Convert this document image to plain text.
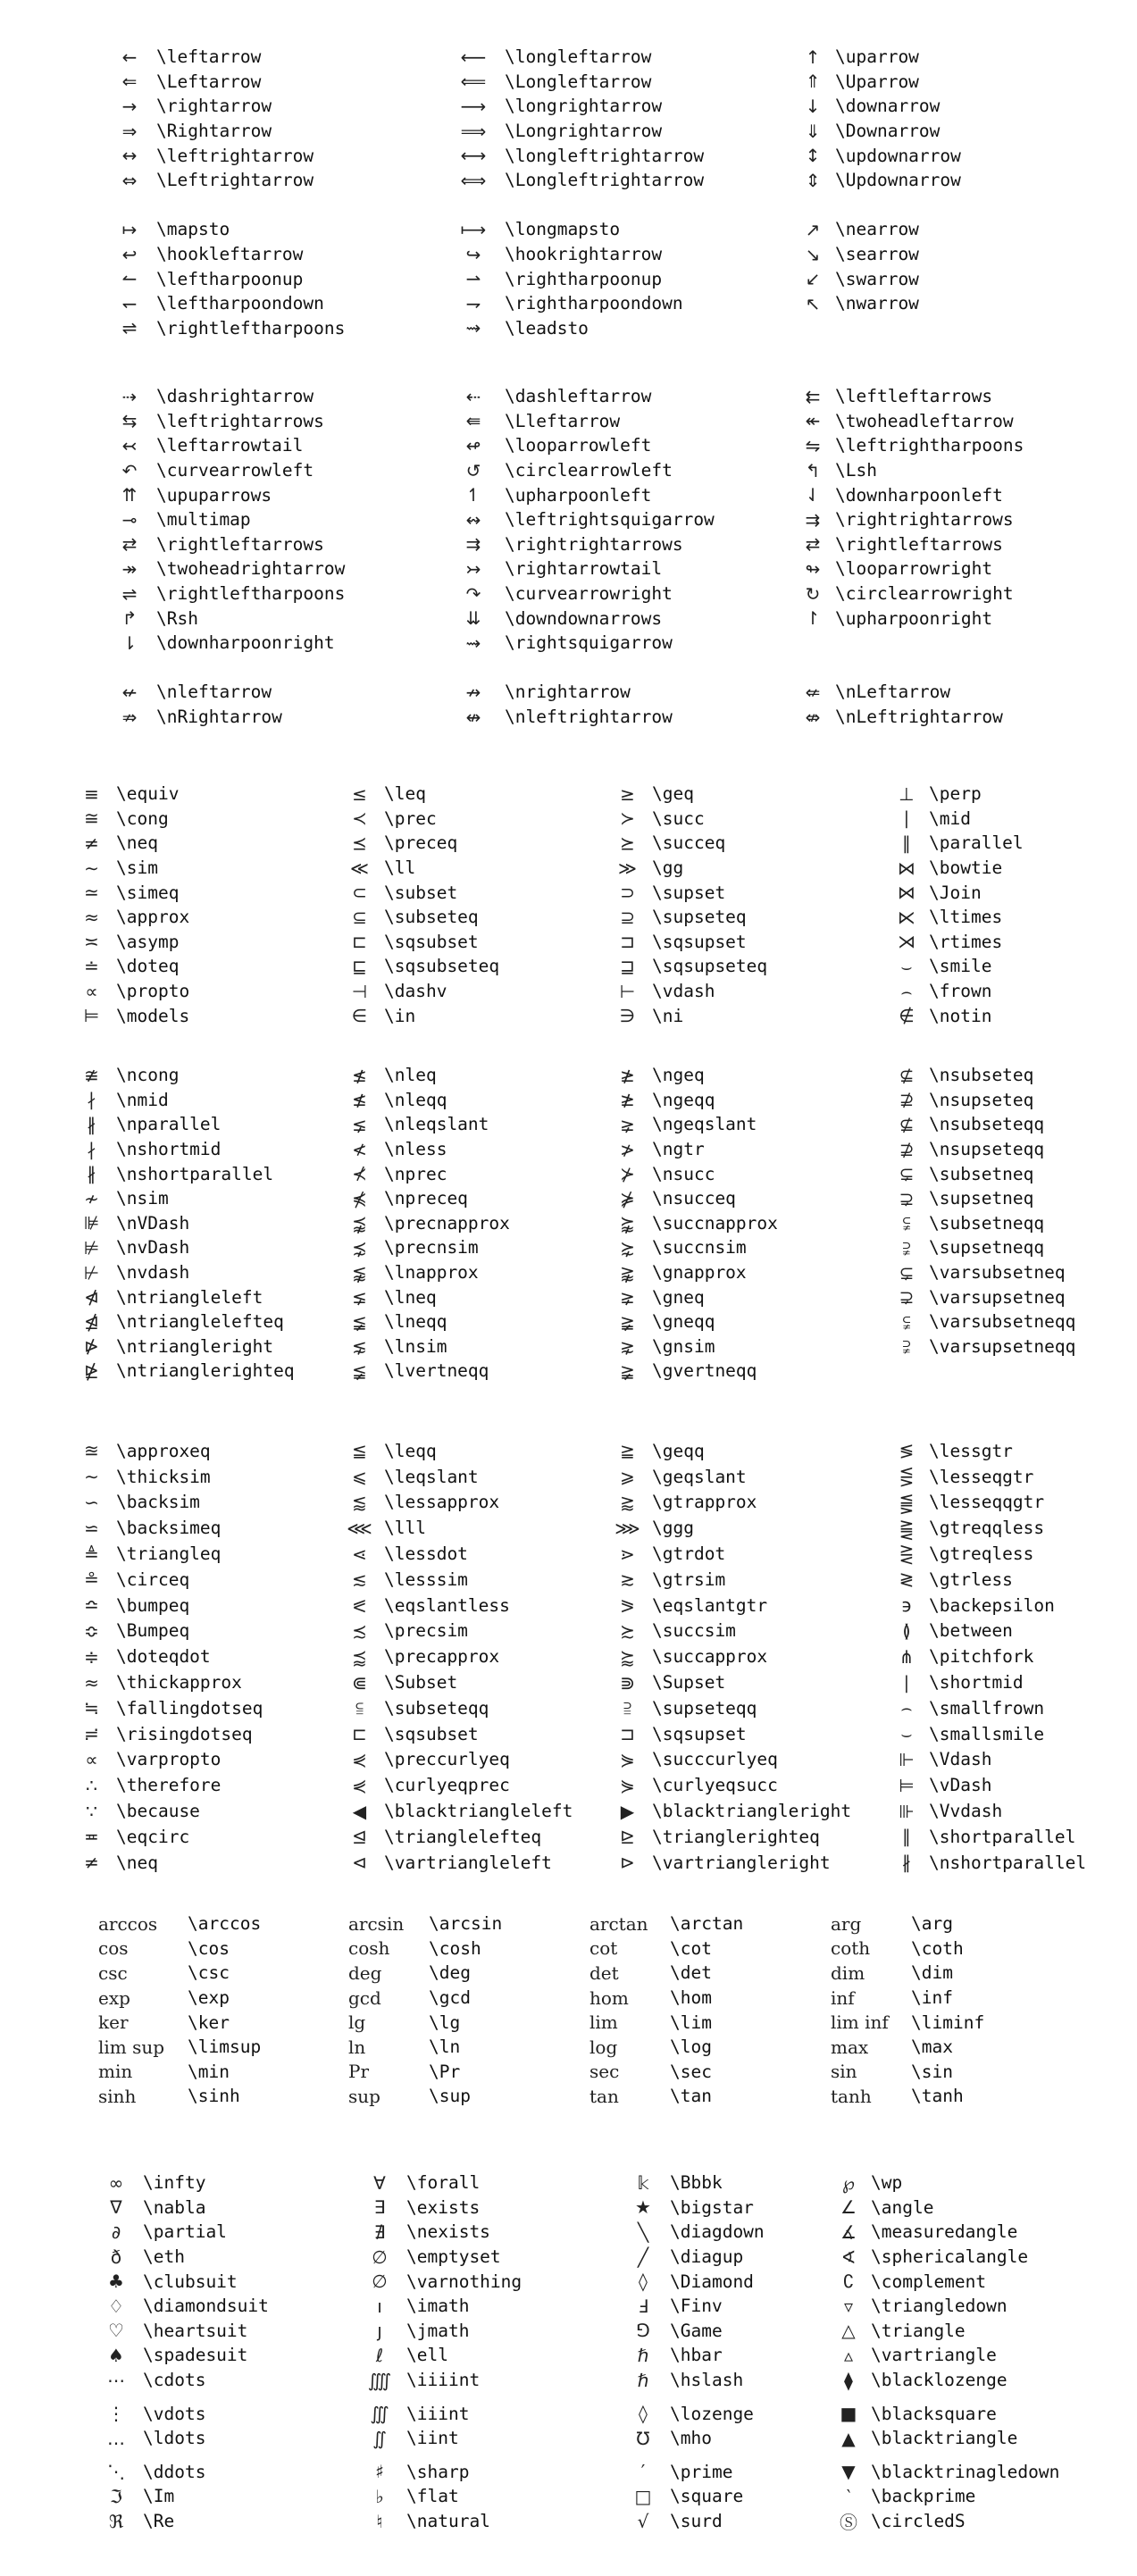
←	\leftarrow	⟵	\longleftarrow	↑ \uparrow
⇐	\Leftarrow	⟸	\Longleftarrow	⇑ \Uparrow
→	\rightarrow	⟶	\longrightarrow	↓ \downarrow
⇒	\Rightarrow	⟹	\Longrightarrow	⇓ \Downarrow
↔	\leftrightarrow	⟷	\longleftrightarrow	↕ \updownarrow
⇔	\Leftrightarrow	⟺	\Longleftrightarrow	⇕ \Updownarrow
↦	\mapsto	⟼	\longmapsto	↗ \nearrow
↩	\hookleftarrow	↪	\hookrightarrow	↘ \searrow
↼	\leftharpoonup	⇀	\rightharpoonup	↙ \swarrow
↽	\leftharpoondown	⇁	\rightharpoondown	↖ \nwarrow
⇌	\rightleftharpoons	⇝	\leadsto
⇢	\dashrightarrow	⇠	\dashleftarrow	⇇ \leftleftarrows
⇆	\leftrightarrows	⇚	\Lleftarrow	↞ \twoheadleftarrow
↢	\leftarrowtail	↫	\looparrowleft	⇋ \leftrightharpoons
↶	\curvearrowleft	↺	\circlearrowleft	↰ \Lsh
⇈	\upuparrows	↿	\upharpoonleft	⇃ \downharpoonleft
⊸	\multimap	↭	\leftrightsquigarrow	⇉ \rightrightarrows
⇄	\rightleftarrows	⇉	\rightrightarrows	⇄ \rightleftarrows
↠	\twoheadrightarrow	↣	\rightarrowtail	↬ \looparrowright
⇌	\rightleftharpoons	↷	\curvearrowright	↻ \circlearrowright
↱	\Rsh	⇊	\downdownarrows	↾ \upharpoonright
⇂	\downharpoonright	⇝	\rightsquigarrow
↚	\nleftarrow	↛	\nrightarrow	⇍ \nLeftarrow
⇏	\nRightarrow	↮	\nleftrightarrow	⇎ \nLeftrightarrow
≡ \equiv	≤ \leq	≥ \geq	⊥ \perp
≅ \cong	≺ \prec	≻ \succ	∣	\mid
≠ \neq	⪯ \preceq	⪰ \succeq	∥	\parallel
∼ \sim	≪ \ll	≫ \gg	⋈ \bowtie
≃ \simeq	⊂ \subset	⊃ \supset	⋈ \Join
≈ \approx	⊆ \subseteq	⊇ \supseteq	⋉ \ltimes
≍ \asymp	⊏ \sqsubset	⊐ \sqsupset	⋊ \rtimes
≐ \doteq	⊑ \sqsubseteq	⊒ \sqsupseteq	⌣ \smile
∝	\propto	⊣ \dashv	⊢ \vdash	⌢ \frown
⊨ \models	∈ \in	∋ \ni	∉ \notin
≇ \ncong	≰ \nleq	≱ \ngeq	⊈ \nsubseteq
∤	\nmid	≰ \nleqq	≱ \ngeqq	⊉ \nsupseteq
∦	\nparallel	⪇ \nleqslant	⪈ \ngeqslant	⊈ \nsubseteqq
∤	\nshortmid	≮ \nless	≯ \ngtr	⊉ \nsupseteqq
∦	\nshortparallel	⊀ \nprec	⊁ \nsucc	⊊ \subsetneq
≁ \nsim	⋠ \npreceq	⋡ \nsucceq	⊋ \supsetneq
⊯ \nVDash	⪹ \precnapprox	⪺ \succnapprox	⫋	\subsetneqq
⊭ \nvDash	⋨ \precnsim	⋩ \succnsim	⫌	\supsetneqq
⊬ \nvdash	⪉ \lnapprox	⪊ \gnapprox	⊊ \varsubsetneq
⋪ \ntriangleleft	⪇ \lneq	⪈ \gneq	⊋ \varsupsetneq
⋬ \ntrianglelefteq	≨ \lneqq	≩ \gneqq	⫋	\varsubsetneqq
⋫ \ntriangleright	⋦ \lnsim	⋧ \gnsim	⫌	\varsupsetneqq
⋭ \ntrianglerighteq	≨ \lvertneqq	≩ \gvertneqq
≊ \approxeq	≦ \leqq	≧ \geqq	≶ \lessgtr
∼ \thicksim	⩽ \leqslant	⩾ \geqslant	⋚ \lesseqgtr
∽ \backsim	⪅ \lessapprox	⪆ \gtrapprox	⪋ \lesseqqgtr
⋍ \backsimeq	⋘ \lll	⋙ \ggg	⪌ \gtreqqless
≜ \triangleq	⋖ \lessdot	⋗ \gtrdot	⋛ \gtreqless
≗ \circeq	≲ \lesssim	≳ \gtrsim	≷ \gtrless
≏ \bumpeq	⪕ \eqslantless	⪖ \eqslantgtr	϶ \backepsilon
≎ \Bumpeq	≾ \precsim	≿ \succsim	≬	\between
≑ \doteqdot	⪷ \precapprox	⪸ \succapprox	⋔ \pitchfork
≈ \thickapprox	⋐ \Subset	⋑ \Supset	∣	\shortmid
≒ \fallingdotseq	⫅	\subseteqq	⫆	\supseteqq	⌢ \smallfrown
≓ \risingdotseq	⊏ \sqsubset	⊐ \sqsupset	⌣ \smallsmile
∝	\varpropto	⋞ \preccurlyeq	⋟ \succcurlyeq	⊩ \Vdash
∴	\therefore	⋞ \curlyeqprec	⋟ \curlyeqsucc	⊨ \vDash
∵	\because	◀	\blacktriangleleft	▶	\blacktriangleright	⊪ \Vvdash
≖ \eqcirc	⊴ \trianglelefteq	⊵ \trianglerighteq	∥	\shortparallel
≠ \neq	⊲ \vartriangleleft	⊳ \vartriangleright	∦	\nshortparallel
arccos	\arccos	arcsin	\arcsin	arctan	\arctan	arg	\arg
cos	\cos	cosh	\cosh	cot	\cot	coth	\coth
csc	\csc	deg	\deg	det	\det	dim	\dim
exp	\exp	gcd	\gcd	hom	\hom	inf	\inf
ker	\ker	lg	\lg	lim	\lim	lim inf	\liminf
lim sup	\limsup	ln	\ln	log	\log	max	\max
min	\min	Pr	\Pr	sec	\sec	sin	\sin
sinh	\sinh	sup	\sup	tan	\tan	tanh	\tanh
∞	\infty	∀	\forall	𝕜	\Bbbk	℘ \wp
∇	\nabla	∃	\exists	★	\bigstar	∠ \angle
∂	\partial	∄	\nexists	╲	\diagdown	∡ \measuredangle
ð	\eth	∅	\emptyset	╱	\diagup	∢ \sphericalangle
♣	\clubsuit	∅	\varnothing	◊	\Diamond	∁ \complement
♢	\diamondsuit	ı	\imath	Ⅎ	\Finv	▿	\triangledown
♡	\heartsuit	ȷ	\jmath	⅁	\Game	△ \triangle
♠	\spadesuit	ℓ	\ell	ℏ	\hbar	▵	\vartriangle
⋯	\cdots	⨌ \iiiint	ℏ	\hslash	⧫	\blacklozenge
⋮	\vdots	∭ \iiint	◊	\lozenge	■ \blacksquare
…	\ldots	∬	\iint	℧	\mho	▲ \blacktriangle
⋱	\ddots	♯	\sharp	′	\prime	▼ \blacktrinagledown
ℑ	\Im	♭	\flat	□	\square	‵	\backprime
ℜ	\Re	♮	\natural	√	\surd	Ⓢ \circledS
